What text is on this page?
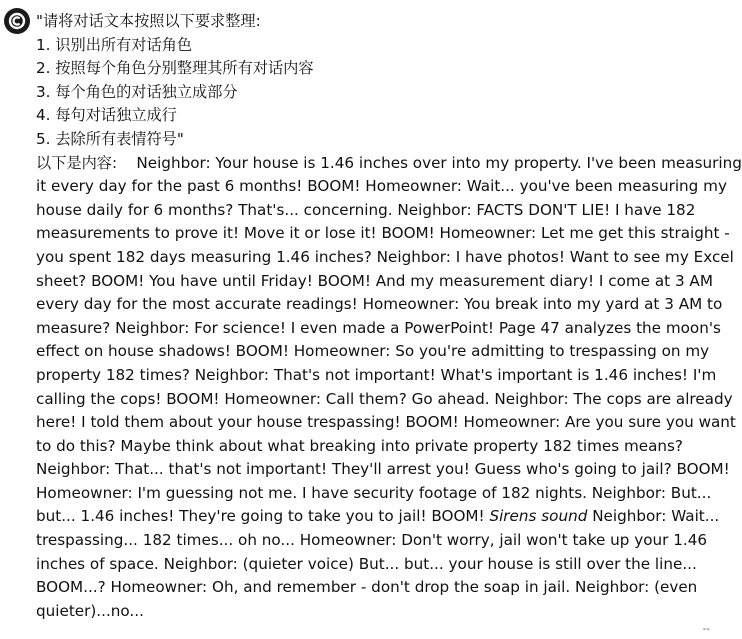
"请将对话文本按照以下要求整理:
1. 识别出所有对话角色
2. 按照每个角色分别整理其所有对话内容
3. 每个角色的对话独立成部分
4. 每句对话独立成行
5. 去除所有表情符号"
以下是内容: Neighbor: Your house is 1.46 inches over into my property. I've been measuring
it every day for the past 6 months! BOOM! Homeowner: Wait... you've been measuring my
house daily for 6 months? That's... concerning. Neighbor: FACTS DON'T LIE! I have 182
measurements to prove it! Move it or lose it! BOOM! Homeowner: Let me get this straight -
you spent 182 days measuring 1.46 inches? Neighbor: I have photos! Want to see my Excel
sheet? BOOM! You have until Friday! BOOM! And my measurement diary! I come at 3 AM
every day for the most accurate readings! Homeowner: You break into my yard at 3 AM to
measure? Neighbor: For science! I even made a PowerPoint! Page 47 analyzes the moon's
effect on house shadows! BOOM! Homeowner: So you're admitting to trespassing on my
property 182 times? Neighbor: That's not important! What's important is 1.46 inches! I'm
calling the cops! BOOM! Homeowner: Call them? Go ahead. Neighbor: The cops are already
here! I told them about your house trespassing! BOOM! Homeowner: Are you sure you want
to do this? Maybe think about what breaking into private property 182 times means?
Neighbor: That... that's not important! They'll arrest you! Guess who's going to jail? BOOM!
Homeowner: I'm guessing not me. I have security footage of 182 nights. Neighbor: But...
but... 1.46 inches! They're going to take you to jail! BOOM! Sirens sound Neighbor: Wait...
trespassing... 182 times... oh no... Homeowner: Don't worry, jail won't take up your 1.46
inches of space. Neighbor: (quieter voice) But... but... your house is still over the line...
BOOM...? Homeowner: Oh, and remember - don't drop the soap in jail. Neighbor: (even
quieter)...no...
--
